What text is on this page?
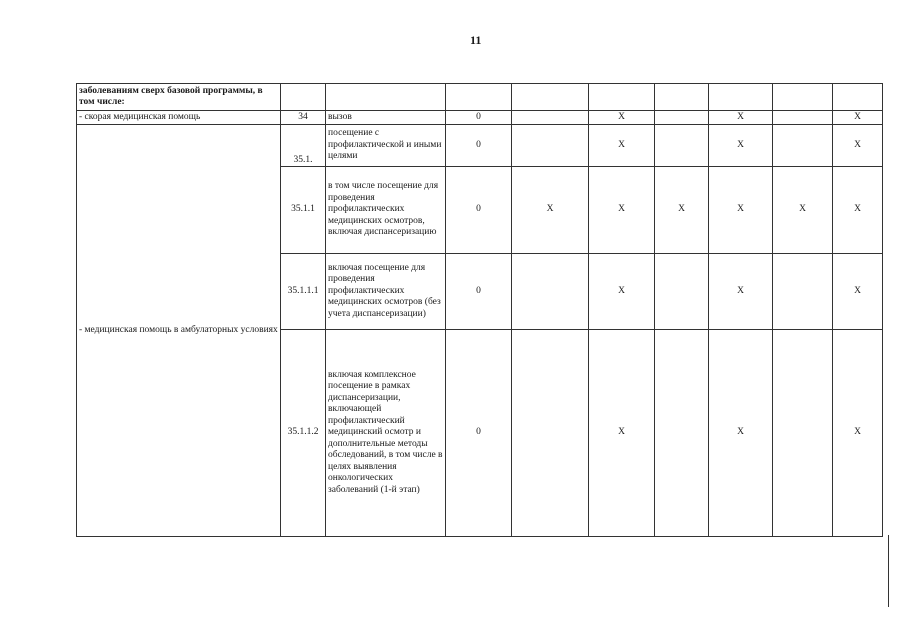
11
заболеваниям сверх базовой программы, в том числе:									
- скорая медицинская помощь	34	вызов	0		X		X		X
- медицинская помощь в амбулаторных условиях	35.1.	посещение с профилактической и иными целями	0		X		X		X
	35.1.1	в том числе посещение для проведения профилактических медицинских осмотров, включая диспансеризацию	0	X	X	X	X	X	X
	35.1.1.1	включая посещение для проведения профилактических медицинских осмотров (без учета диспансеризации)	0		X		X		X
	35.1.1.2	включая комплексное посещение в рамках диспансеризации, включающей профилактический медицинский осмотр и дополнительные методы обследований, в том числе в целях выявления онкологических заболеваний (1-й этап)	0		X		X		X
